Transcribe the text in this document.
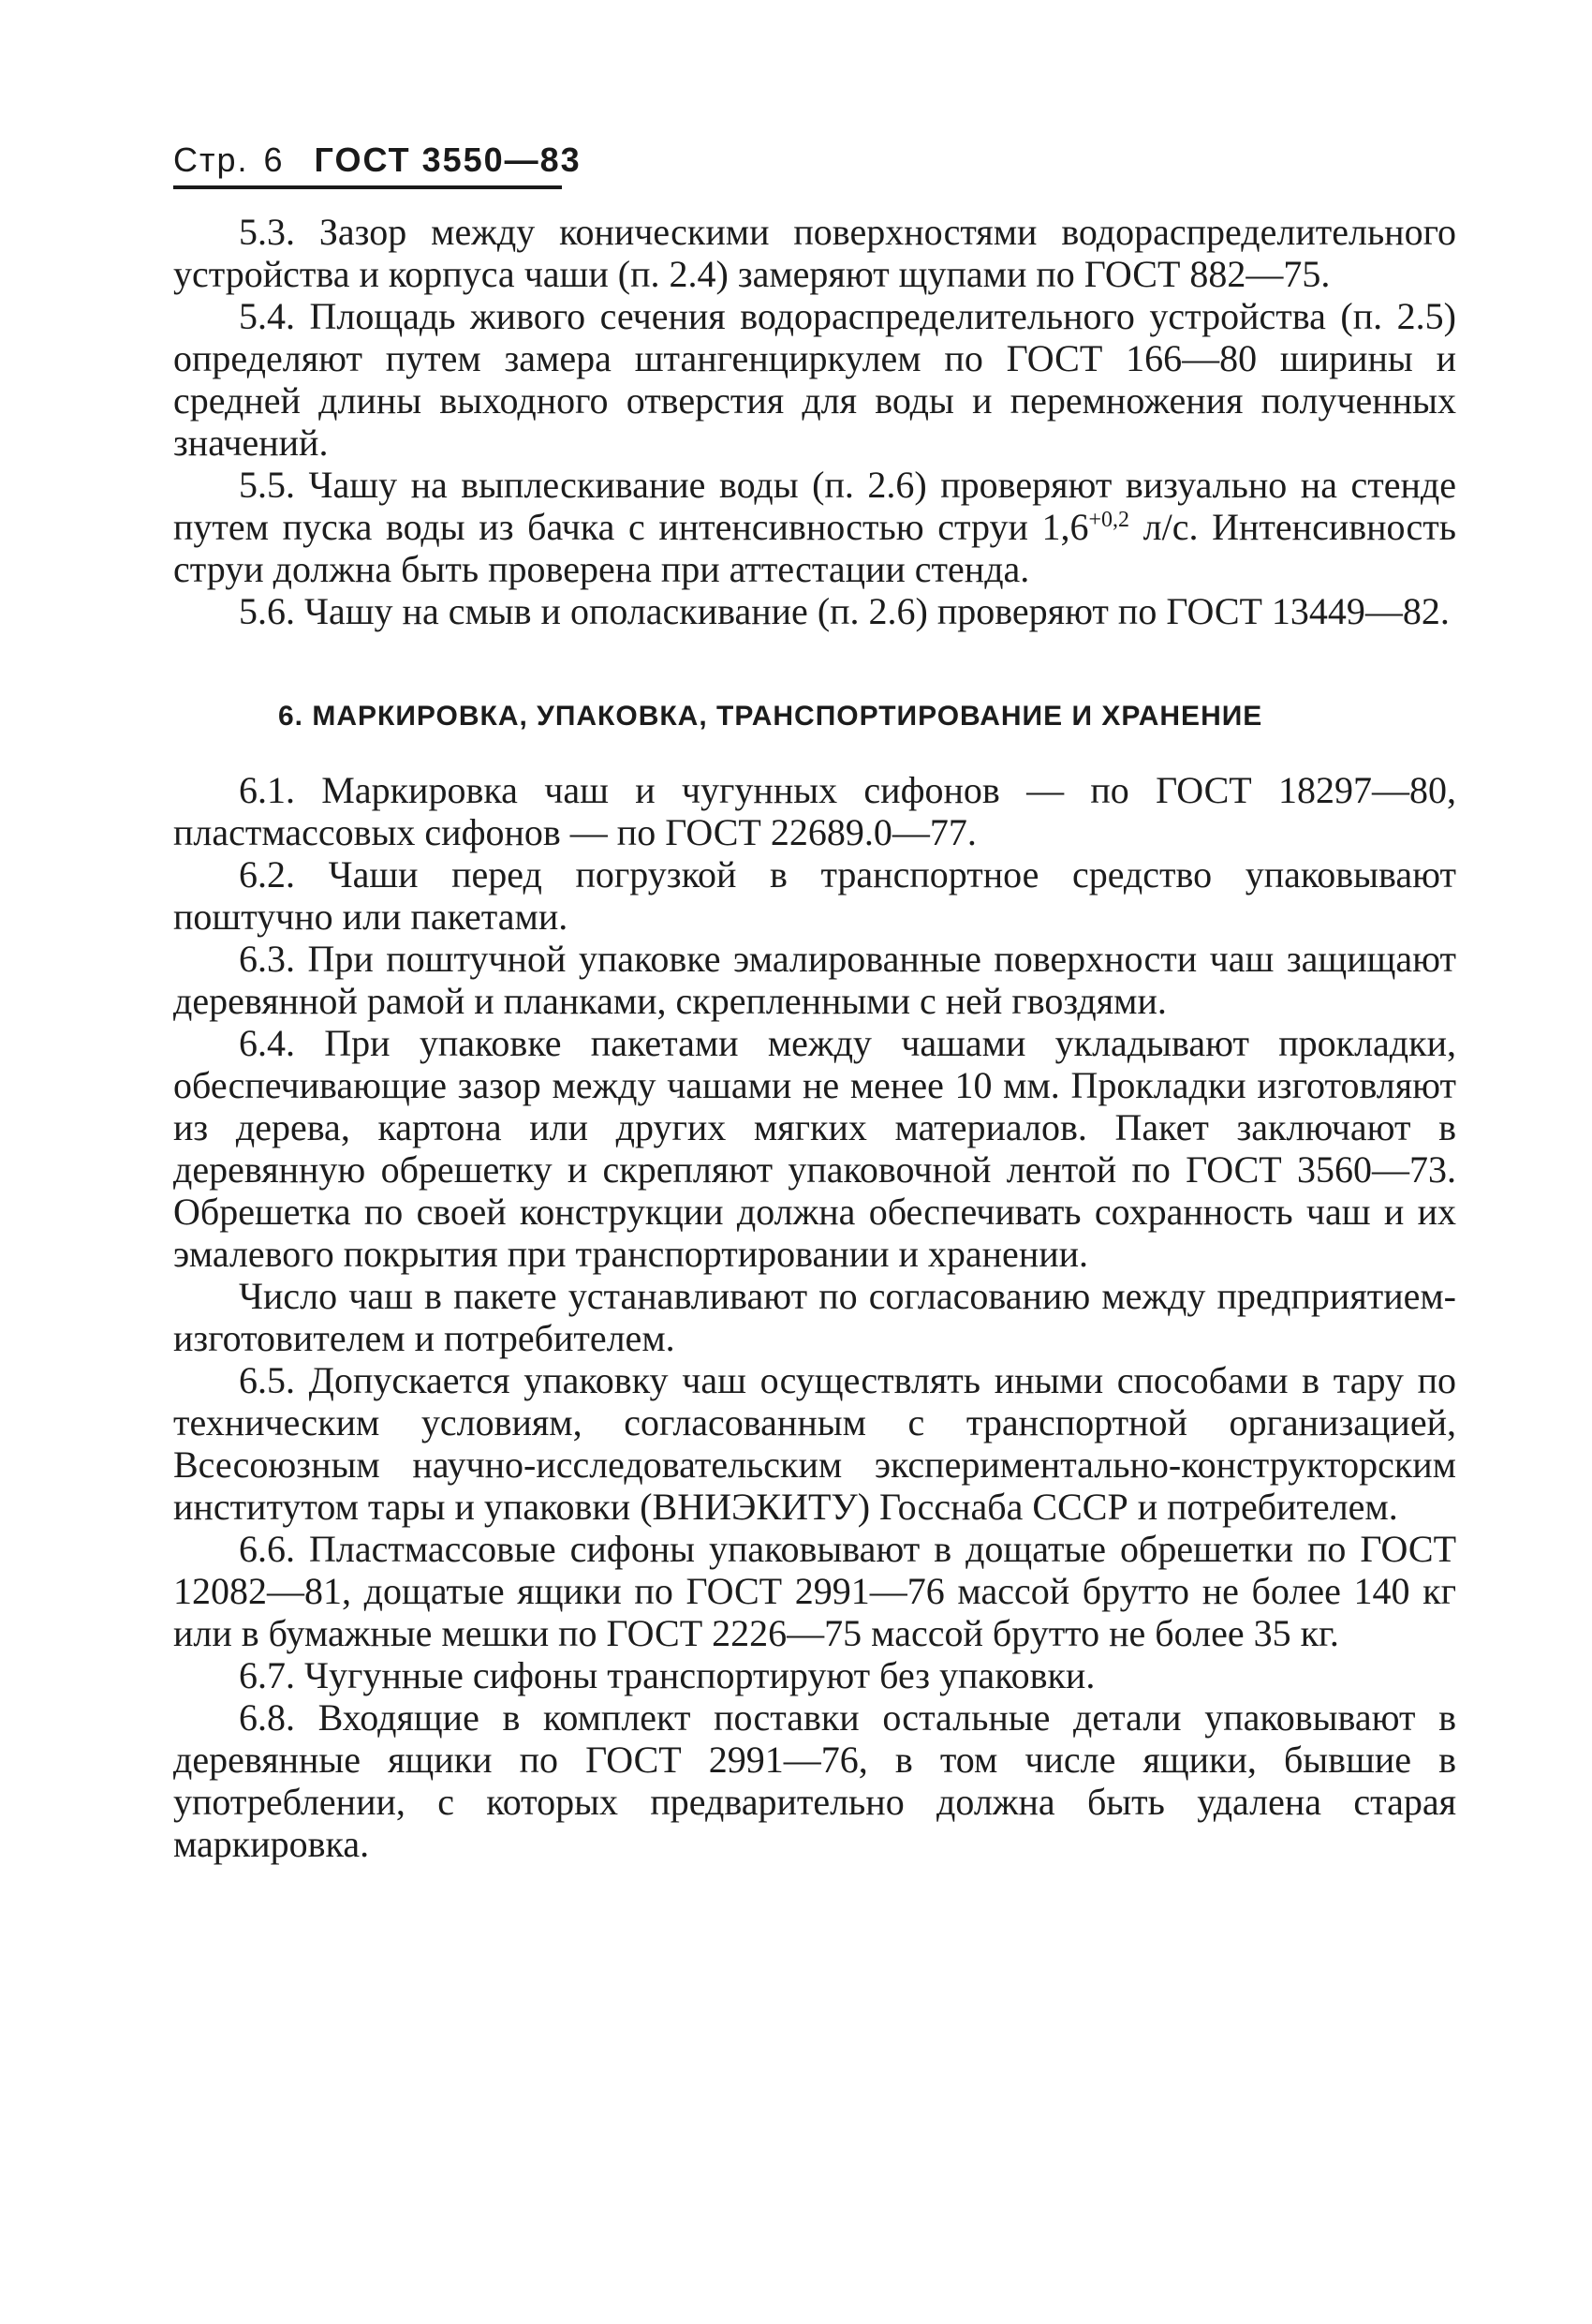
Стр. 6 ГОСТ 3550—83

5.3. Зазор между коническими поверхностями водораспределительного устройства и корпуса чаши (п. 2.4) замеряют щупами по ГОСТ 882—75.

5.4. Площадь живого сечения водораспределительного устройства (п. 2.5) определяют путем замера штангенциркулем по ГОСТ 166—80 ширины и средней длины выходного отверстия для воды и перемножения полученных значений.

5.5. Чашу на выплескивание воды (п. 2.6) проверяют визуально на стенде путем пуска воды из бачка с интенсивностью струи $1,6^{+0,2}$ л/с. Интенсивность струи должна быть проверена при аттестации стенда.

5.6. Чашу на смыв и ополаскивание (п. 2.6) проверяют по ГОСТ 13449—82.

6. МАРКИРОВКА, УПАКОВКА, ТРАНСПОРТИРОВАНИЕ И ХРАНЕНИЕ

6.1. Маркировка чаш и чугунных сифонов — по ГОСТ 18297—80, пластмассовых сифонов — по ГОСТ 22689.0—77.

6.2. Чаши перед погрузкой в транспортное средство упаковывают поштучно или пакетами.

6.3. При поштучной упаковке эмалированные поверхности чаш защищают деревянной рамой и планками, скрепленными с ней гвоздями.

6.4. При упаковке пакетами между чашами укладывают прокладки, обеспечивающие зазор между чашами не менее 10 мм. Прокладки изготовляют из дерева, картона или других мягких материалов. Пакет заключают в деревянную обрешетку и скрепляют упаковочной лентой по ГОСТ 3560—73. Обрешетка по своей конструкции должна обеспечивать сохранность чаш и их эмалевого покрытия при транспортировании и хранении.

Число чаш в пакете устанавливают по согласованию между предприятием-изготовителем и потребителем.

6.5. Допускается упаковку чаш осуществлять иными способами в тару по техническим условиям, согласованным с транспортной организацией, Всесоюзным научно-исследовательским экспериментально-конструкторским институтом тары и упаковки (ВНИЭКИТУ) Госснаба СССР и потребителем.

6.6. Пластмассовые сифоны упаковывают в дощатые обрешетки по ГОСТ 12082—81, дощатые ящики по ГОСТ 2991—76 массой брутто не более 140 кг или в бумажные мешки по ГОСТ 2226—75 массой брутто не более 35 кг.

6.7. Чугунные сифоны транспортируют без упаковки.

6.8. Входящие в комплект поставки остальные детали упаковывают в деревянные ящики по ГОСТ 2991—76, в том числе ящики, бывшие в употреблении, с которых предварительно должна быть удалена старая маркировка.
